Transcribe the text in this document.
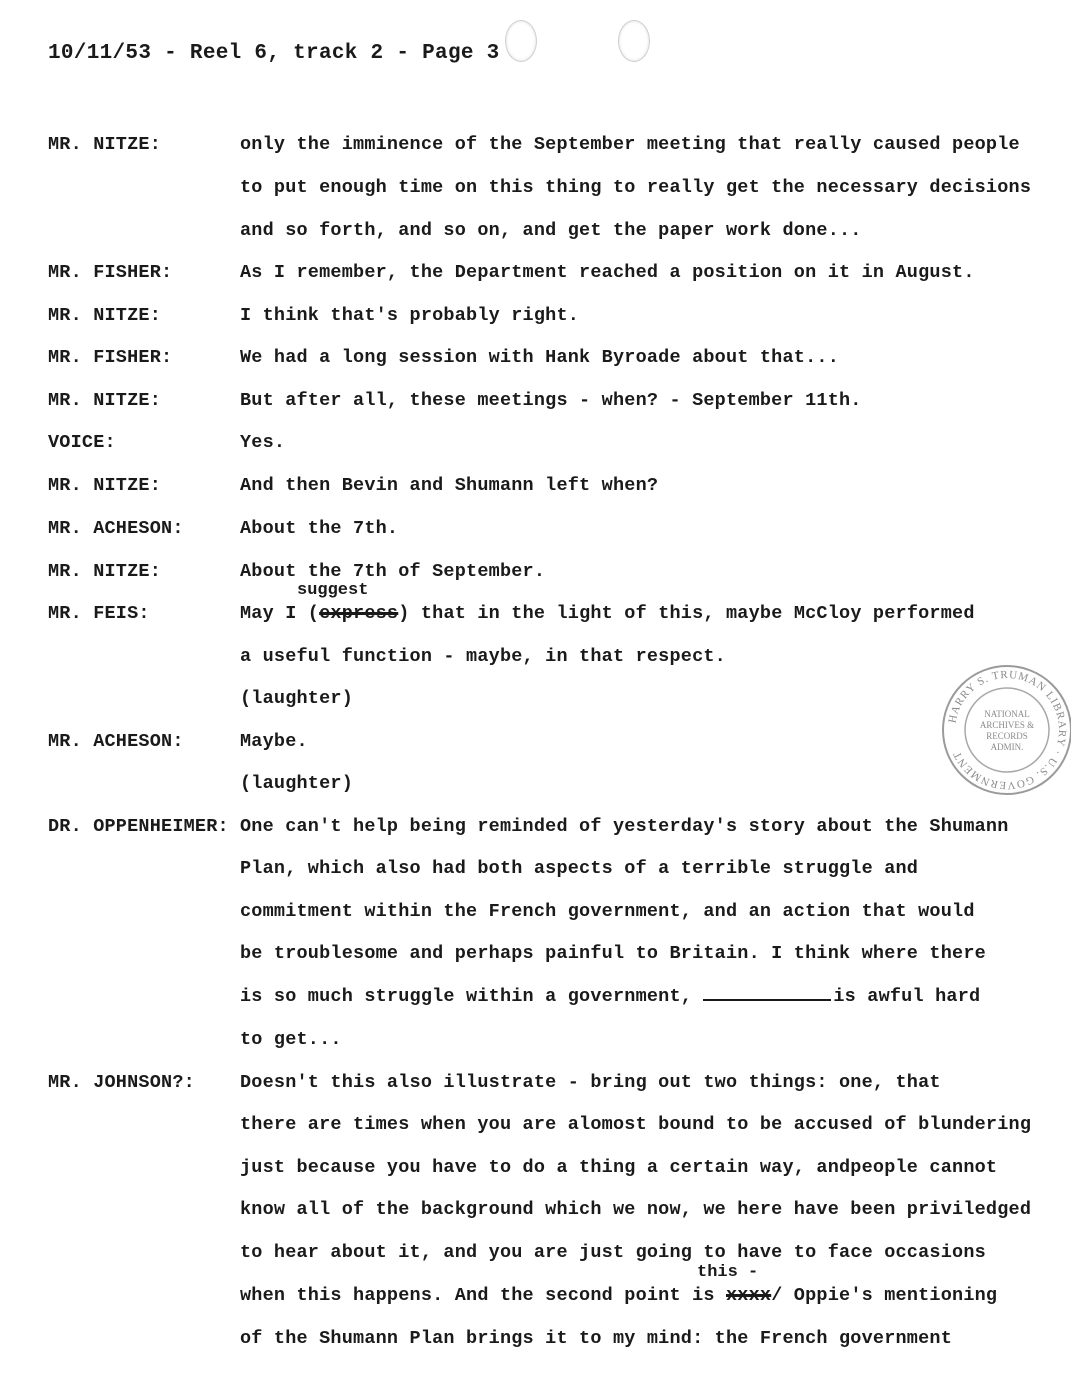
10/11/53 - Reel 6, track 2 - Page 3
MR. NITZE:	only the imminence of the September meeting that really caused people
to put enough time on this thing to really get the necessary decisions
and so forth, and so on, and get the paper work done...
MR. FISHER:	As I remember, the Department reached a position on it in August.
MR. NITZE:	I think that's probably right.
MR. FISHER:	We had a long session with Hank Byroade about that...
MR. NITZE:	But after all, these meetings - when? - September 11th.
VOICE:	Yes.
MR. NITZE:	And then Bevin and Shumann left when?
MR. ACHESON:	About the 7th.
MR. NITZE:	About the 7th of September.
suggest
MR. FEIS:	May I (express) that in the light of this, maybe McCloy performed
a useful function - maybe, in that respect.
(laughter)
MR. ACHESON:	Maybe.
(laughter)
DR. OPPENHEIMER: One can't help being reminded of yesterday's story about the Shumann
Plan, which also had both aspects of a terrible struggle and
commitment within the French government, and an action that would
be troublesome and perhaps painful to Britain. I think where there
is so much struggle within a government,	is awful hard
to get...
MR. JOHNSON?: Doesn't this also illustrate - bring out two things: one, that
there are times when you are alomost bound to be accused of blundering
just because you have to do a thing a certain way, andpeople cannot
know all of the background which we now, we here have been priviledged
to hear about it, and you are just going to have to face occasions
this -
when this happens. And the second point is xxxx/ Oppie's mentioning
of the Shumann Plan brings it to my mind: the French government
HARRY S. TRUMAN LIBRARY · U.S. GOVERNMENT
NATIONAL
ARCHIVES &
RECORDS
ADMIN.
